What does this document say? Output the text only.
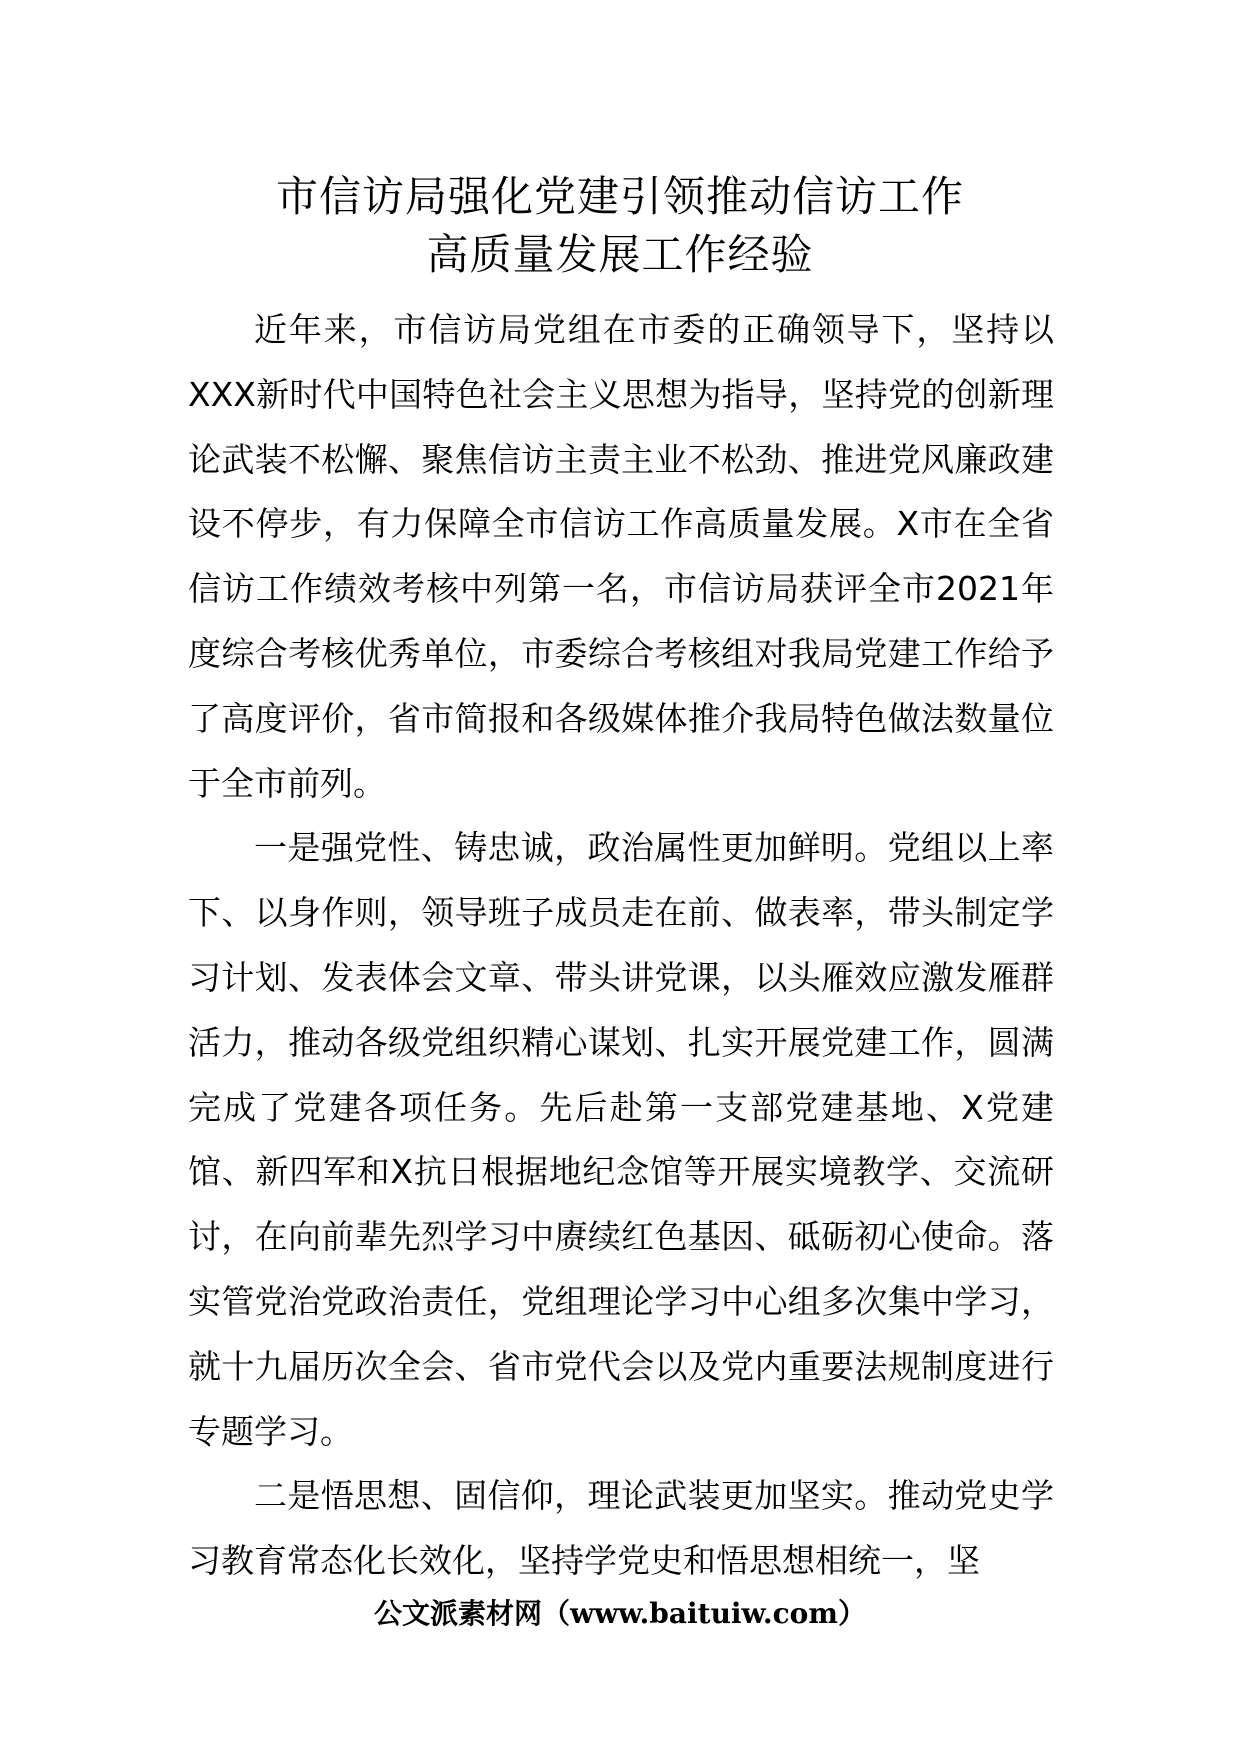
市信访局强化党建引领推动信访工作
高质量发展工作经验

近年来，市信访局党组在市委的正确领导下，坚持以XXX新时代中国特色社会主义思想为指导，坚持党的创新理论武装不松懈、聚焦信访主责主业不松劲、推进党风廉政建设不停步，有力保障全市信访工作高质量发展。X市在全省信访工作绩效考核中列第一名，市信访局获评全市2021年度综合考核优秀单位，市委综合考核组对我局党建工作给予了高度评价，省市简报和各级媒体推介我局特色做法数量位于全市前列。

一是强党性、铸忠诚，政治属性更加鲜明。党组以上率下、以身作则，领导班子成员走在前、做表率，带头制定学习计划、发表体会文章、带头讲党课，以头雁效应激发雁群活力，推动各级党组织精心谋划、扎实开展党建工作，圆满完成了党建各项任务。先后赴第一支部党建基地、X党建馆、新四军和X抗日根据地纪念馆等开展实境教学、交流研讨，在向前辈先烈学习中赓续红色基因、砥砺初心使命。落实管党治党政治责任，党组理论学习中心组多次集中学习，就十九届历次全会、省市党代会以及党内重要法规制度进行专题学习。

二是悟思想、固信仰，理论武装更加坚实。推动党史学习教育常态化长效化，坚持学党史和悟思想相统一，坚

公文派素材网（www.baituiw.com）
